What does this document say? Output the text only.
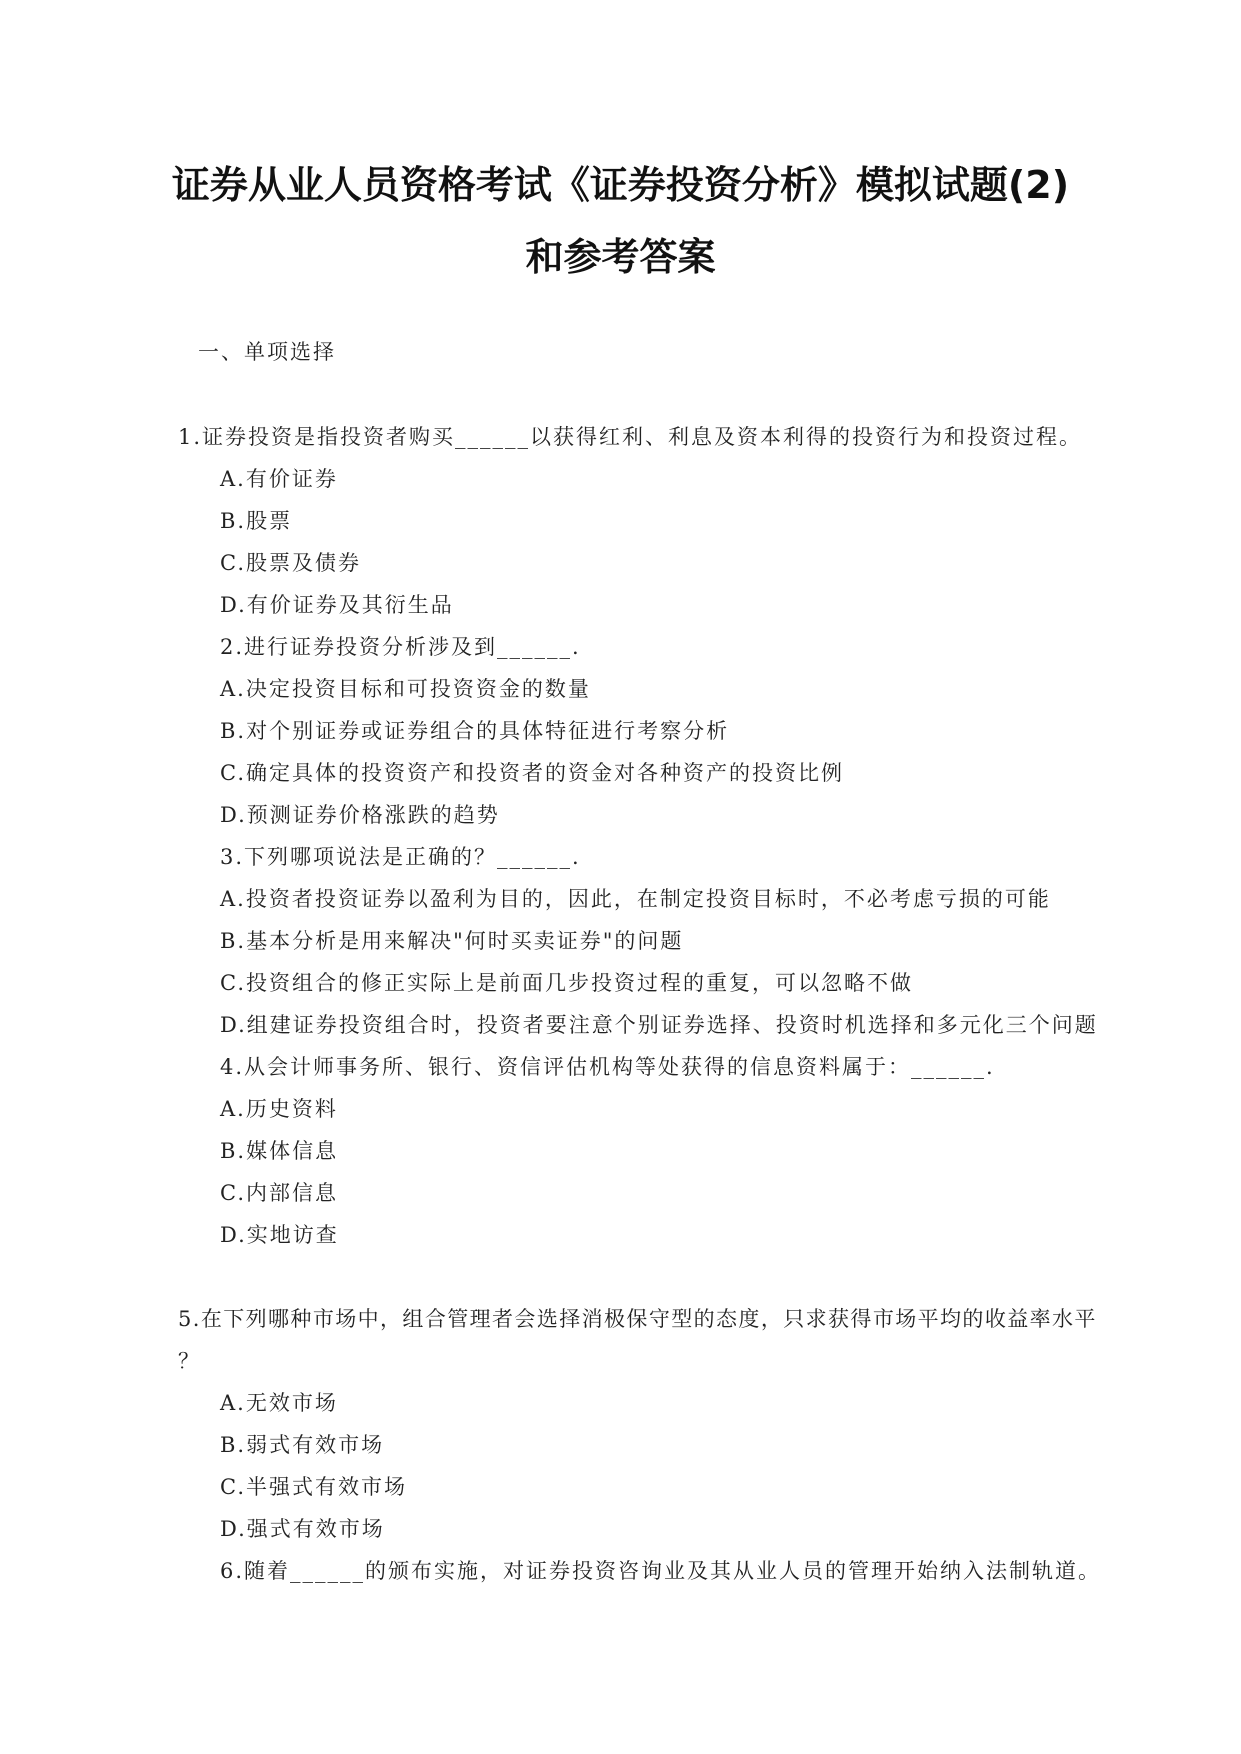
证券从业人员资格考试《证券投资分析》模拟试题(2)
和参考答案

一、单项选择

1.证券投资是指投资者购买______以获得红利、利息及资本利得的投资行为和投资过程。

A.有价证券

B.股票

C.股票及债券

D.有价证券及其衍生品

2.进行证券投资分析涉及到______.

A.决定投资目标和可投资资金的数量

B.对个别证券或证券组合的具体特征进行考察分析

C.确定具体的投资资产和投资者的资金对各种资产的投资比例

D.预测证券价格涨跌的趋势

3.下列哪项说法是正确的？______.

A.投资者投资证券以盈利为目的，因此，在制定投资目标时，不必考虑亏损的可能

B.基本分析是用来解决"何时买卖证券"的问题

C.投资组合的修正实际上是前面几步投资过程的重复，可以忽略不做

D.组建证券投资组合时，投资者要注意个别证券选择、投资时机选择和多元化三个问题

4.从会计师事务所、银行、资信评估机构等处获得的信息资料属于：______.

A.历史资料

B.媒体信息

C.内部信息

D.实地访查

5.在下列哪种市场中，组合管理者会选择消极保守型的态度，只求获得市场平均的收益率水平

？

A.无效市场

B.弱式有效市场

C.半强式有效市场

D.强式有效市场

6.随着______的颁布实施，对证券投资咨询业及其从业人员的管理开始纳入法制轨道。
